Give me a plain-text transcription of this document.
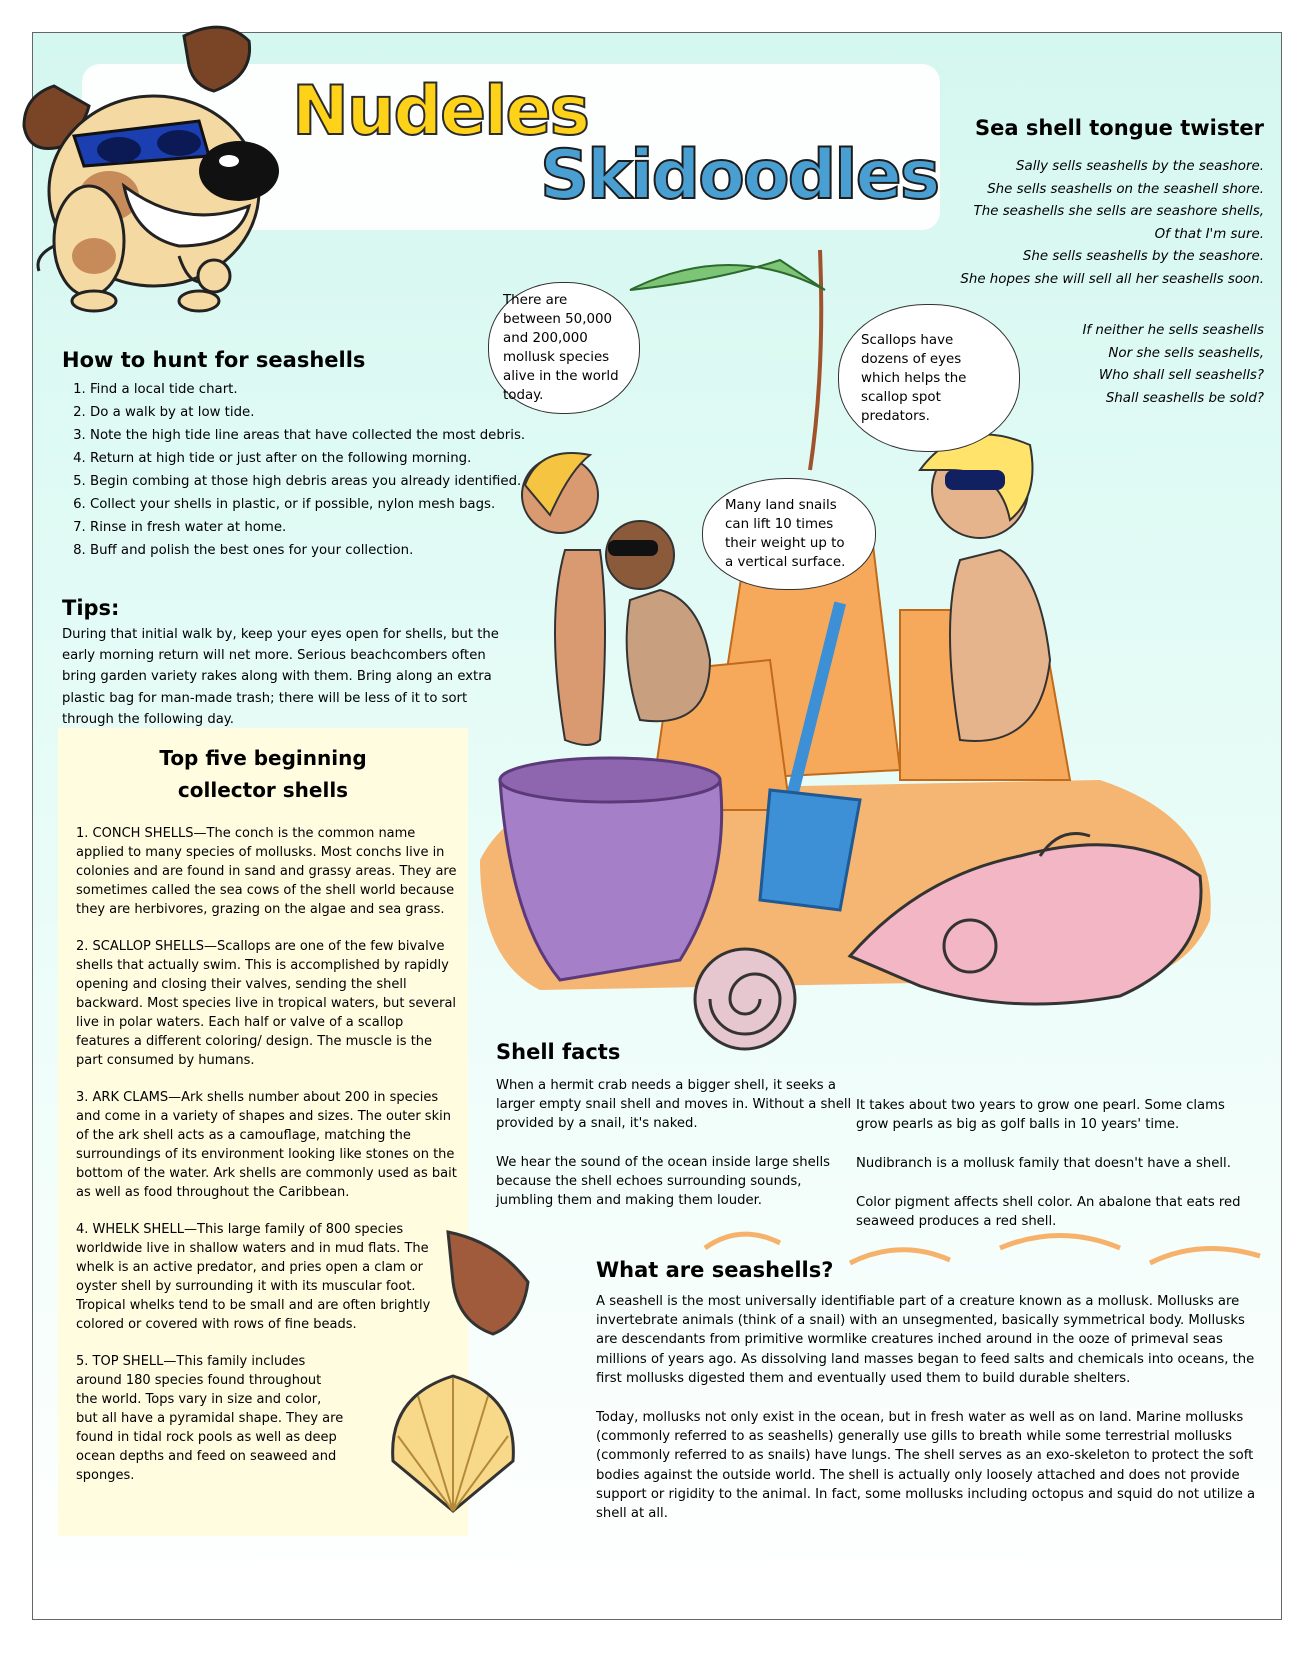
Nudeles
Skidoodles
Sea shell tongue twister
Sally sells seashells by the seashore.
She sells seashells on the seashell shore.
The seashells she sells are seashore shells,
Of that I'm sure.
She sells seashells by the seashore.
She hopes she will sell all her seashells soon.
If neither he sells seashells
Nor she sells seashells,
Who shall sell seashells?
Shall seashells be sold?
How to hunt for seashells
1. Find a local tide chart.
2. Do a walk by at low tide.
3. Note the high tide line areas that have collected the most debris.
4. Return at high tide or just after on the following morning.
5. Begin combing at those high debris areas you already identified.
6. Collect your shells in plastic, or if possible, nylon mesh bags.
7. Rinse in fresh water at home.
8. Buff and polish the best ones for your collection.
Tips:

During that initial walk by, keep your eyes open for shells, but the early morning return will net more. Serious beachcombers often bring garden variety rakes along with them. Bring along an extra plastic bag for man-made trash; there will be less of it to sort through the following day.

There are between 50,000 and 200,000 mollusk species alive in the world today.
Scallops have dozens of eyes which helps the scallop spot predators.
Many land snails can lift 10 times their weight up to a vertical surface.
Top five beginning
collector shells

1. CONCH SHELLS—The conch is the common name applied to many species of mollusks. Most conchs live in colonies and are found in sand and grassy areas. They are sometimes called the sea cows of the shell world because they are herbivores, grazing on the algae and sea grass.

2. SCALLOP SHELLS—Scallops are one of the few bivalve shells that actually swim. This is accomplished by rapidly opening and closing their valves, sending the shell backward. Most species live in tropical waters, but several live in polar waters. Each half or valve of a scallop features a different coloring/ design. The muscle is the part consumed by humans.

3. ARK CLAMS—Ark shells number about 200 in species and come in a variety of shapes and sizes. The outer skin of the ark shell acts as a camouflage, matching the surroundings of its environment looking like stones on the bottom of the water. Ark shells are commonly used as bait as well as food throughout the Caribbean.

4. WHELK SHELL—This large family of 800 species worldwide live in shallow waters and in mud flats. The whelk is an active predator, and pries open a clam or oyster shell by surrounding it with its muscular foot. Tropical whelks tend to be small and are often brightly colored or covered with rows of fine beads.

5. TOP SHELL—This family includes around 180 species found throughout the world. Tops vary in size and color, but all have a pyramidal shape. They are found in tidal rock pools as well as deep ocean depths and feed on seaweed and sponges.

Shell facts

When a hermit crab needs a bigger shell, it seeks a larger empty snail shell and moves in. Without a shell provided by a snail, it's naked.

We hear the sound of the ocean inside large shells because the shell echoes surrounding sounds, jumbling them and making them louder.

It takes about two years to grow one pearl. Some clams grow pearls as big as golf balls in 10 years' time.

Nudibranch is a mollusk family that doesn't have a shell.

Color pigment affects shell color. An abalone that eats red seaweed produces a red shell.

What are seashells?

A seashell is the most universally identifiable part of a creature known as a mollusk. Mollusks are invertebrate animals (think of a snail) with an unsegmented, basically symmetrical body. Mollusks are descendants from primitive wormlike creatures inched around in the ooze of primeval seas millions of years ago. As dissolving land masses began to feed salts and chemicals into oceans, the first mollusks digested them and eventually used them to build durable shelters.

Today, mollusks not only exist in the ocean, but in fresh water as well as on land. Marine mollusks (commonly referred to as seashells) generally use gills to breath while some terrestrial mollusks (commonly referred to as snails) have lungs. The shell serves as an exo-skeleton to protect the soft bodies against the outside world. The shell is actually only loosely attached and does not provide support or rigidity to the animal. In fact, some mollusks including octopus and squid do not utilize a shell at all.
